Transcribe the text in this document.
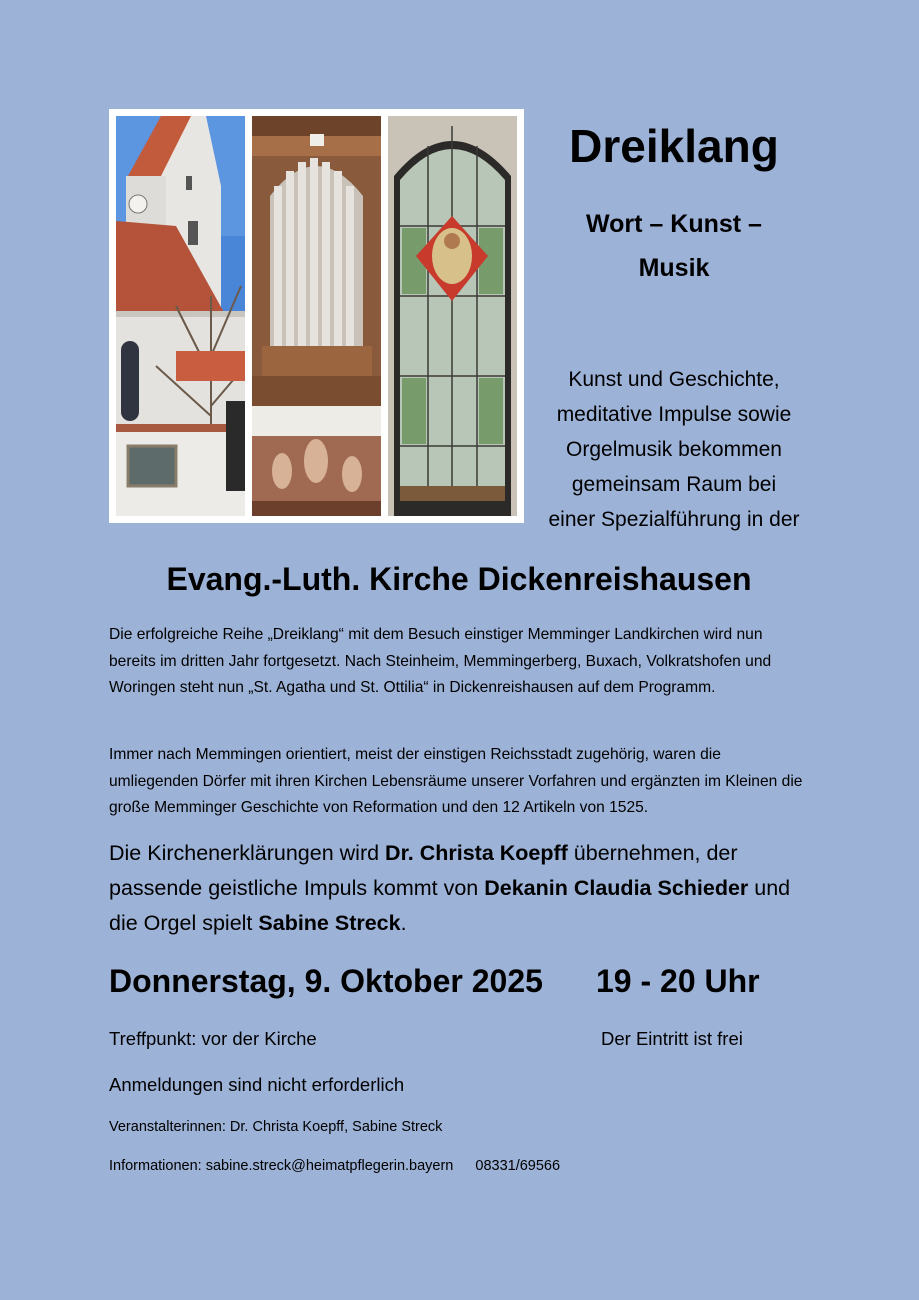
Dreiklang
Wort – Kunst –
Musik
Kunst und Geschichte,
meditative Impulse sowie
Orgelmusik bekommen
gemeinsam Raum bei
einer Spezialführung in der
Evang.-Luth. Kirche Dickenreishausen

Die erfolgreiche Reihe „Dreiklang“ mit dem Besuch einstiger Memminger Landkirchen wird nun bereits im dritten Jahr fortgesetzt. Nach Steinheim, Memmingerberg, Buxach, Volkratshofen und Woringen steht nun „St. Agatha und St. Ottilia“ in Dickenreishausen auf dem Programm.

Immer nach Memmingen orientiert, meist der einstigen Reichsstadt zugehörig, waren die umliegenden Dörfer mit ihren Kirchen Lebensräume unserer Vorfahren und ergänzten im Kleinen die große Memminger Geschichte von Reformation und den 12 Artikeln von 1525.

Die Kirchenerklärungen wird Dr. Christa Koepff übernehmen, der passende geistliche Impuls kommt von Dekanin Claudia Schieder und die Orgel spielt Sabine Streck.

Donnerstag, 9. Oktober 2025 19 - 20 Uhr
Treffpunkt: vor der Kirche	Der Eintritt ist frei
Anmeldungen sind nicht erforderlich
Veranstalterinnen: Dr. Christa Koepff, Sabine Streck
Informationen: sabine.streck@heimatpflegerin.bayern 08331/69566
